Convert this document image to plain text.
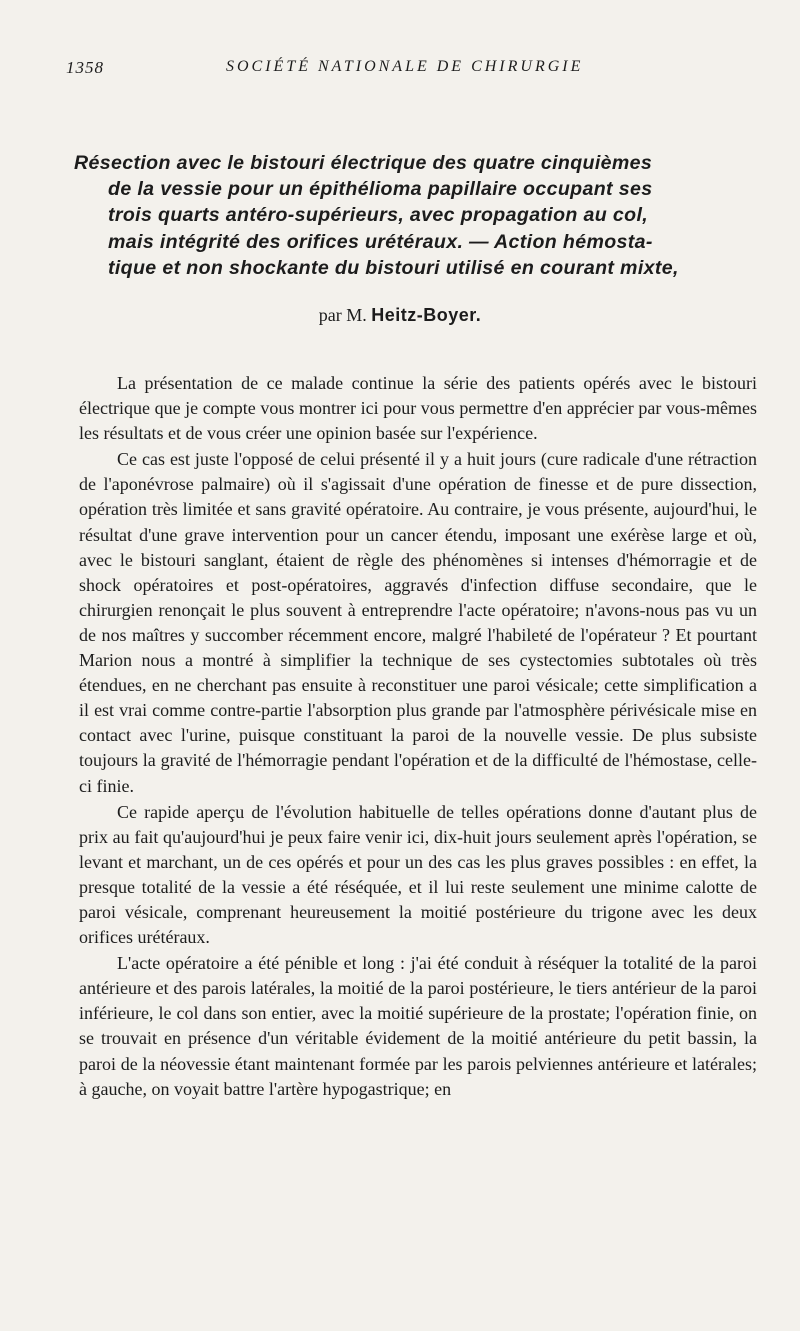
1358	SOCIÉTÉ NATIONALE DE CHIRURGIE
Résection avec le bistouri électrique des quatre cinquièmes
de la vessie pour un épithélioma papillaire occupant ses
trois quarts antéro-supérieurs, avec propagation au col,
mais intégrité des orifices urétéraux. — Action hémosta-
tique et non shockante du bistouri utilisé en courant mixte,
par M. Heitz-Boyer.

La présentation de ce malade continue la série des patients opérés avec le bistouri électrique que je compte vous montrer ici pour vous permettre d'en apprécier par vous-mêmes les résultats et de vous créer une opinion basée sur l'expérience.

Ce cas est juste l'opposé de celui présenté il y a huit jours (cure radicale d'une rétraction de l'aponévrose palmaire) où il s'agissait d'une opération de finesse et de pure dissection, opération très limitée et sans gravité opératoire. Au contraire, je vous présente, aujourd'hui, le résultat d'une grave intervention pour un cancer étendu, imposant une exérèse large et où, avec le bistouri sanglant, étaient de règle des phénomènes si intenses d'hémorragie et de shock opératoires et post-opératoires, aggravés d'infection diffuse secondaire, que le chirurgien renonçait le plus souvent à entreprendre l'acte opératoire; n'avons-nous pas vu un de nos maîtres y succomber récemment encore, malgré l'habileté de l'opérateur ? Et pourtant Marion nous a montré à simplifier la technique de ses cystectomies subtotales où très étendues, en ne cherchant pas ensuite à reconstituer une paroi vésicale; cette simplification a il est vrai comme contre-partie l'absorption plus grande par l'atmosphère périvésicale mise en contact avec l'urine, puisque constituant la paroi de la nouvelle vessie. De plus subsiste toujours la gravité de l'hémorragie pendant l'opération et de la difficulté de l'hémostase, celle-ci finie.

Ce rapide aperçu de l'évolution habituelle de telles opérations donne d'autant plus de prix au fait qu'aujourd'hui je peux faire venir ici, dix-huit jours seulement après l'opération, se levant et marchant, un de ces opérés et pour un des cas les plus graves possibles : en effet, la presque totalité de la vessie a été réséquée, et il lui reste seulement une minime calotte de paroi vésicale, comprenant heureusement la moitié postérieure du trigone avec les deux orifices urétéraux.

L'acte opératoire a été pénible et long : j'ai été conduit à réséquer la totalité de la paroi antérieure et des parois latérales, la moitié de la paroi postérieure, le tiers antérieur de la paroi inférieure, le col dans son entier, avec la moitié supérieure de la prostate; l'opération finie, on se trouvait en présence d'un véritable évidement de la moitié antérieure du petit bassin, la paroi de la néovessie étant maintenant formée par les parois pelviennes antérieure et latérales; à gauche, on voyait battre l'artère hypogastrique; en
